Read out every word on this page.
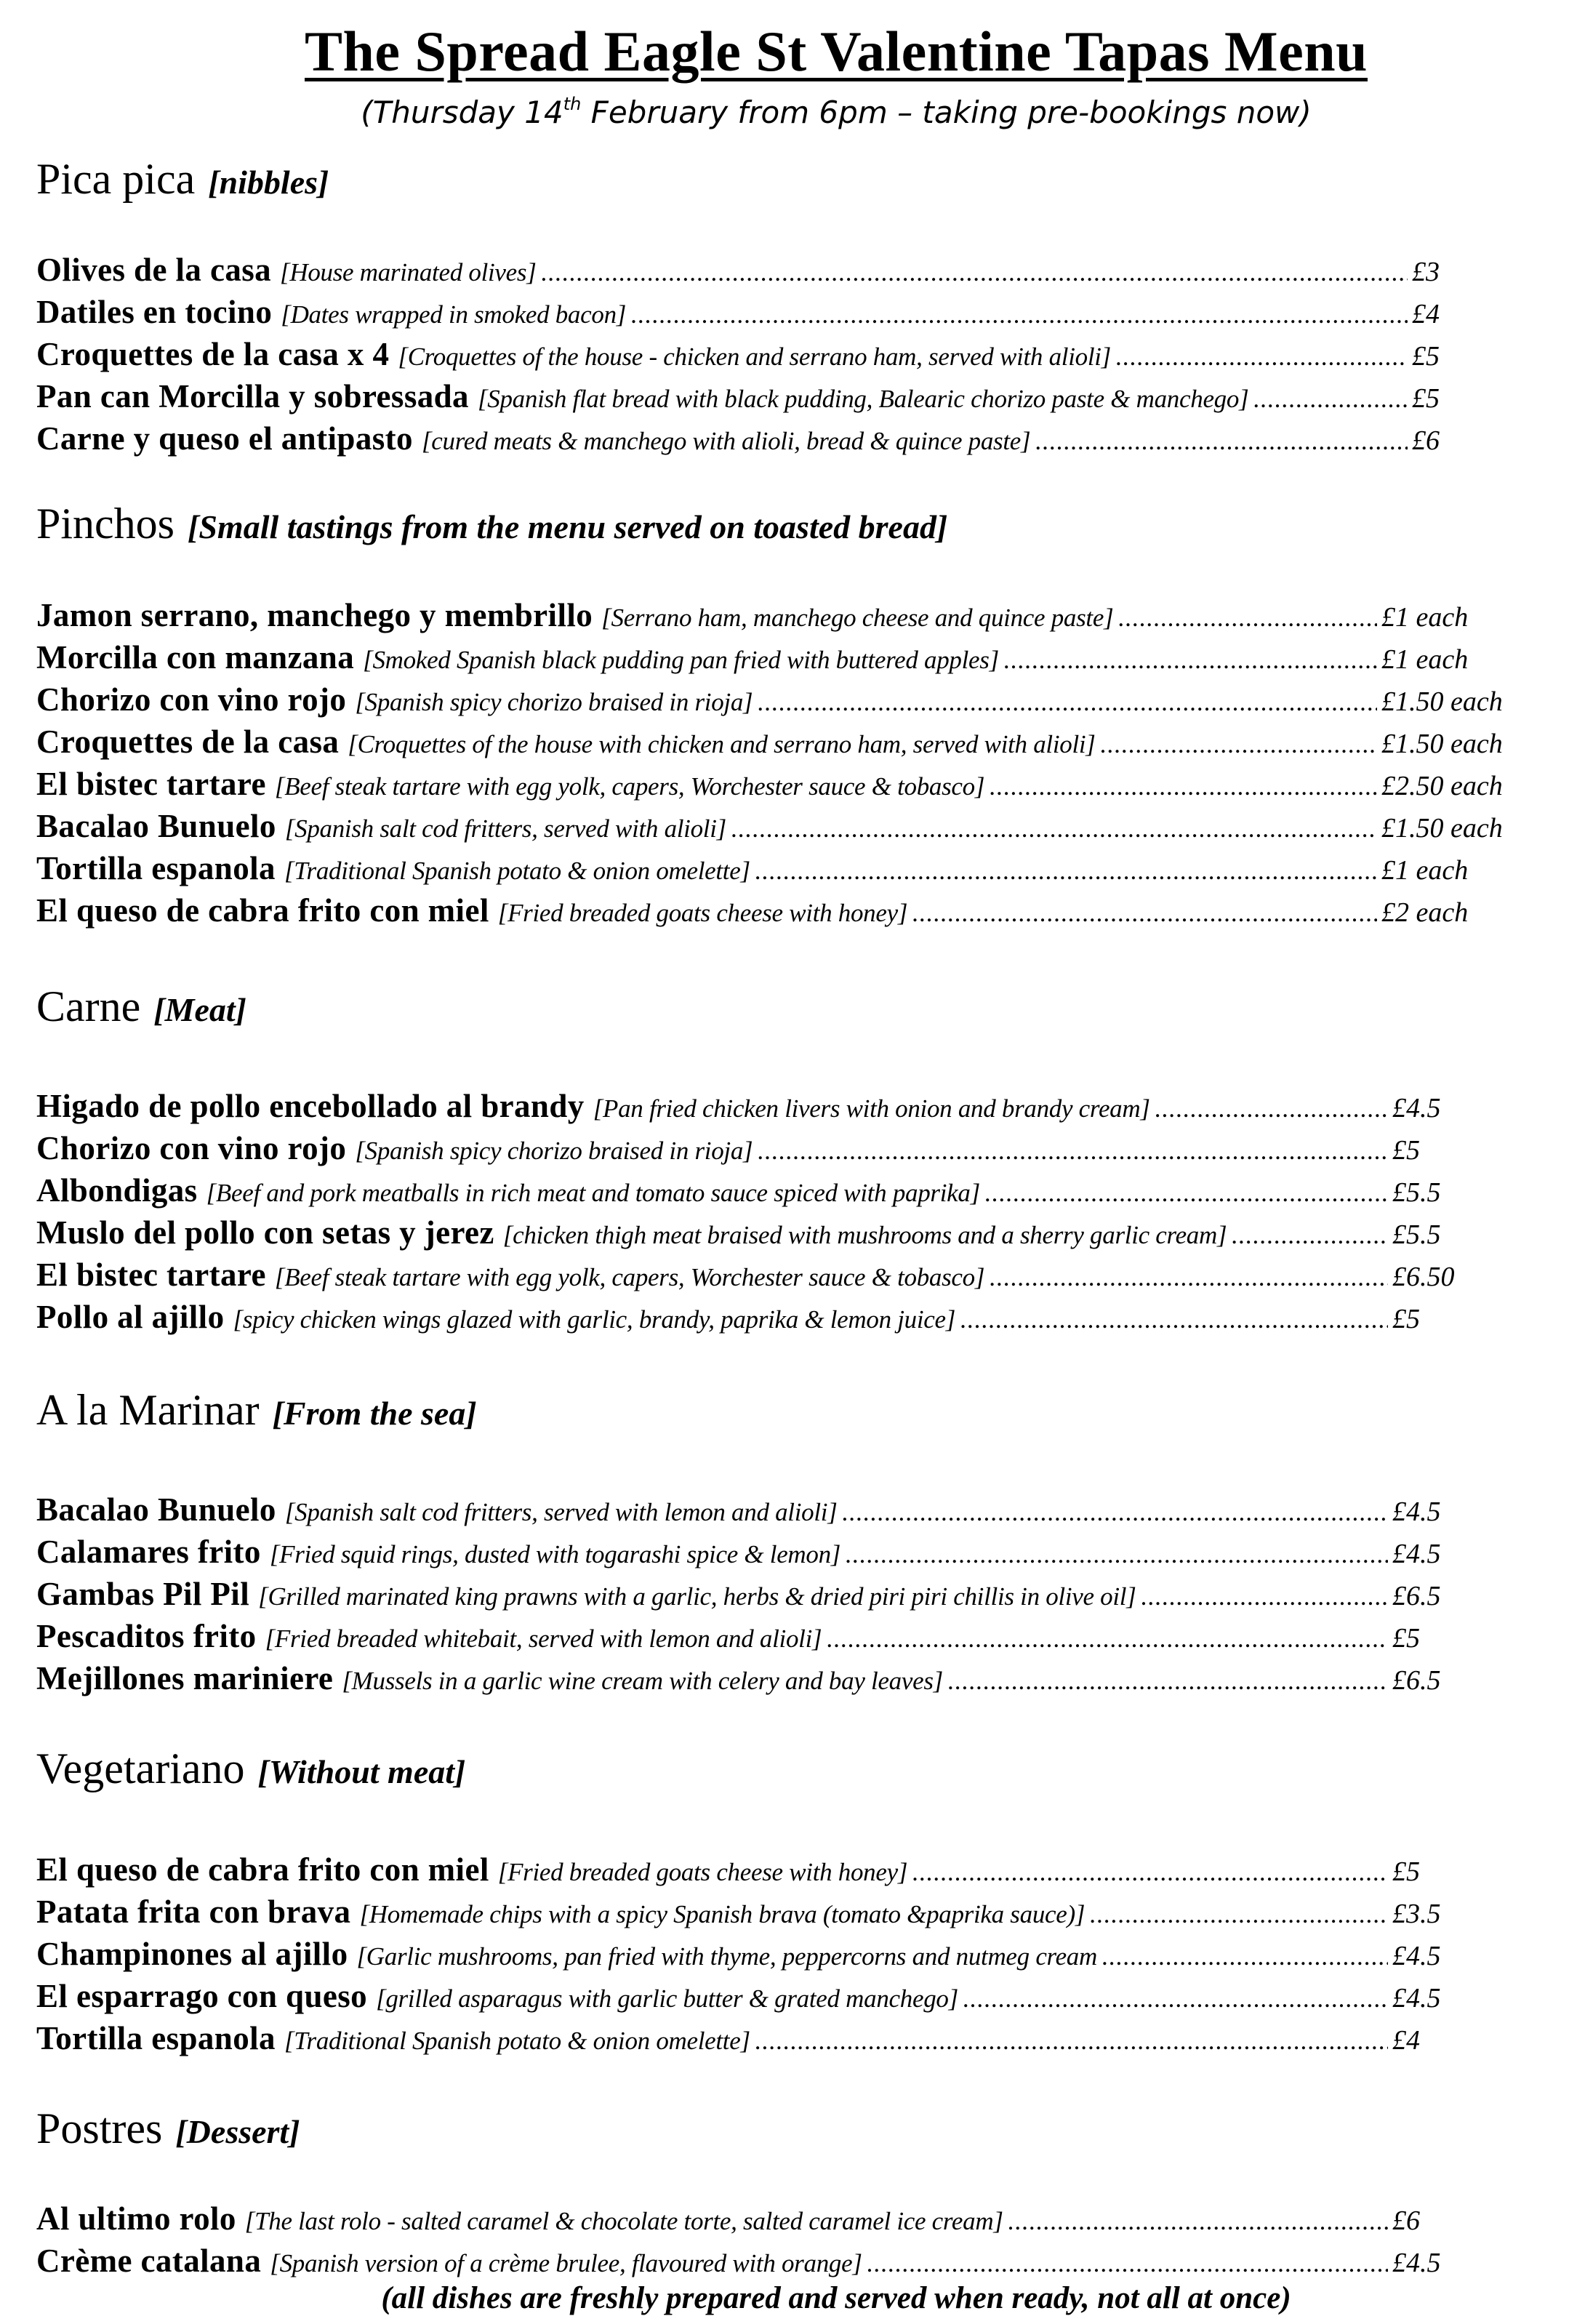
The Spread Eagle St Valentine Tapas Menu
(Thursday 14th February from 6pm – taking pre-bookings now)
Pica pica [nibbles]
Olives de la casa [House marinated olives] .....	£3
Datiles en tocino [Dates wrapped in smoked bacon] .....	£4
Croquettes de la casa x 4 [Croquettes of the house - chicken and serrano ham, served with alioli] .....	£5
Pan can Morcilla y sobressada [Spanish flat bread with black pudding, Balearic chorizo paste & manchego] .....	£5
Carne y queso el antipasto [cured meats & manchego with alioli, bread & quince paste] .....	£6
Pinchos [Small tastings from the menu served on toasted bread]
Jamon serrano, manchego y membrillo [Serrano ham, manchego cheese and quince paste] .....	£1 each
Morcilla con manzana [Smoked Spanish black pudding pan fried with buttered apples] .....	£1 each
Chorizo con vino rojo [Spanish spicy chorizo braised in rioja] .....	£1.50 each
Croquettes de la casa [Croquettes of the house with chicken and serrano ham, served with alioli] .....	£1.50 each
El bistec tartare [Beef steak tartare with egg yolk, capers, Worchester sauce & tobasco] .....	£2.50 each
Bacalao Bunuelo [Spanish salt cod fritters, served with alioli] .....	£1.50 each
Tortilla espanola [Traditional Spanish potato & onion omelette] .....	£1 each
El queso de cabra frito con miel [Fried breaded goats cheese with honey] .....	£2 each
Carne [Meat]
Higado de pollo encebollado al brandy [Pan fried chicken livers with onion and brandy cream] .....	£4.5
Chorizo con vino rojo [Spanish spicy chorizo braised in rioja] .....	£5
Albondigas [Beef and pork meatballs in rich meat and tomato sauce spiced with paprika] .....	£5.5
Muslo del pollo con setas y jerez [chicken thigh meat braised with mushrooms and a sherry garlic cream] .....	£5.5
El bistec tartare [Beef steak tartare with egg yolk, capers, Worchester sauce & tobasco] .....	£6.50
Pollo al ajillo [spicy chicken wings glazed with garlic, brandy, paprika & lemon juice] .....	£5
A la Marinar [From the sea]
Bacalao Bunuelo [Spanish salt cod fritters, served with lemon and alioli] .....	£4.5
Calamares frito [Fried squid rings, dusted with togarashi spice & lemon] .....	£4.5
Gambas Pil Pil [Grilled marinated king prawns with a garlic, herbs & dried piri piri chillis in olive oil] .....	£6.5
Pescaditos frito [Fried breaded whitebait, served with lemon and alioli] .....	£5
Mejillones mariniere [Mussels in a garlic wine cream with celery and bay leaves] .....	£6.5
Vegetariano [Without meat]
El queso de cabra frito con miel [Fried breaded goats cheese with honey] .....	£5
Patata frita con brava [Homemade chips with a spicy Spanish brava (tomato &paprika sauce)] .....	£3.5
Champinones al ajillo [Garlic mushrooms, pan fried with thyme, peppercorns and nutmeg cream .....	£4.5
El esparrago con queso [grilled asparagus with garlic butter & grated manchego] .....	£4.5
Tortilla espanola [Traditional Spanish potato & onion omelette] .....	£4
Postres [Dessert]
Al ultimo rolo [The last rolo - salted caramel & chocolate torte, salted caramel ice cream] .....	£6
Crème catalana [Spanish version of a crème brulee, flavoured with orange] .....	£4.5
(all dishes are freshly prepared and served when ready, not all at once)
